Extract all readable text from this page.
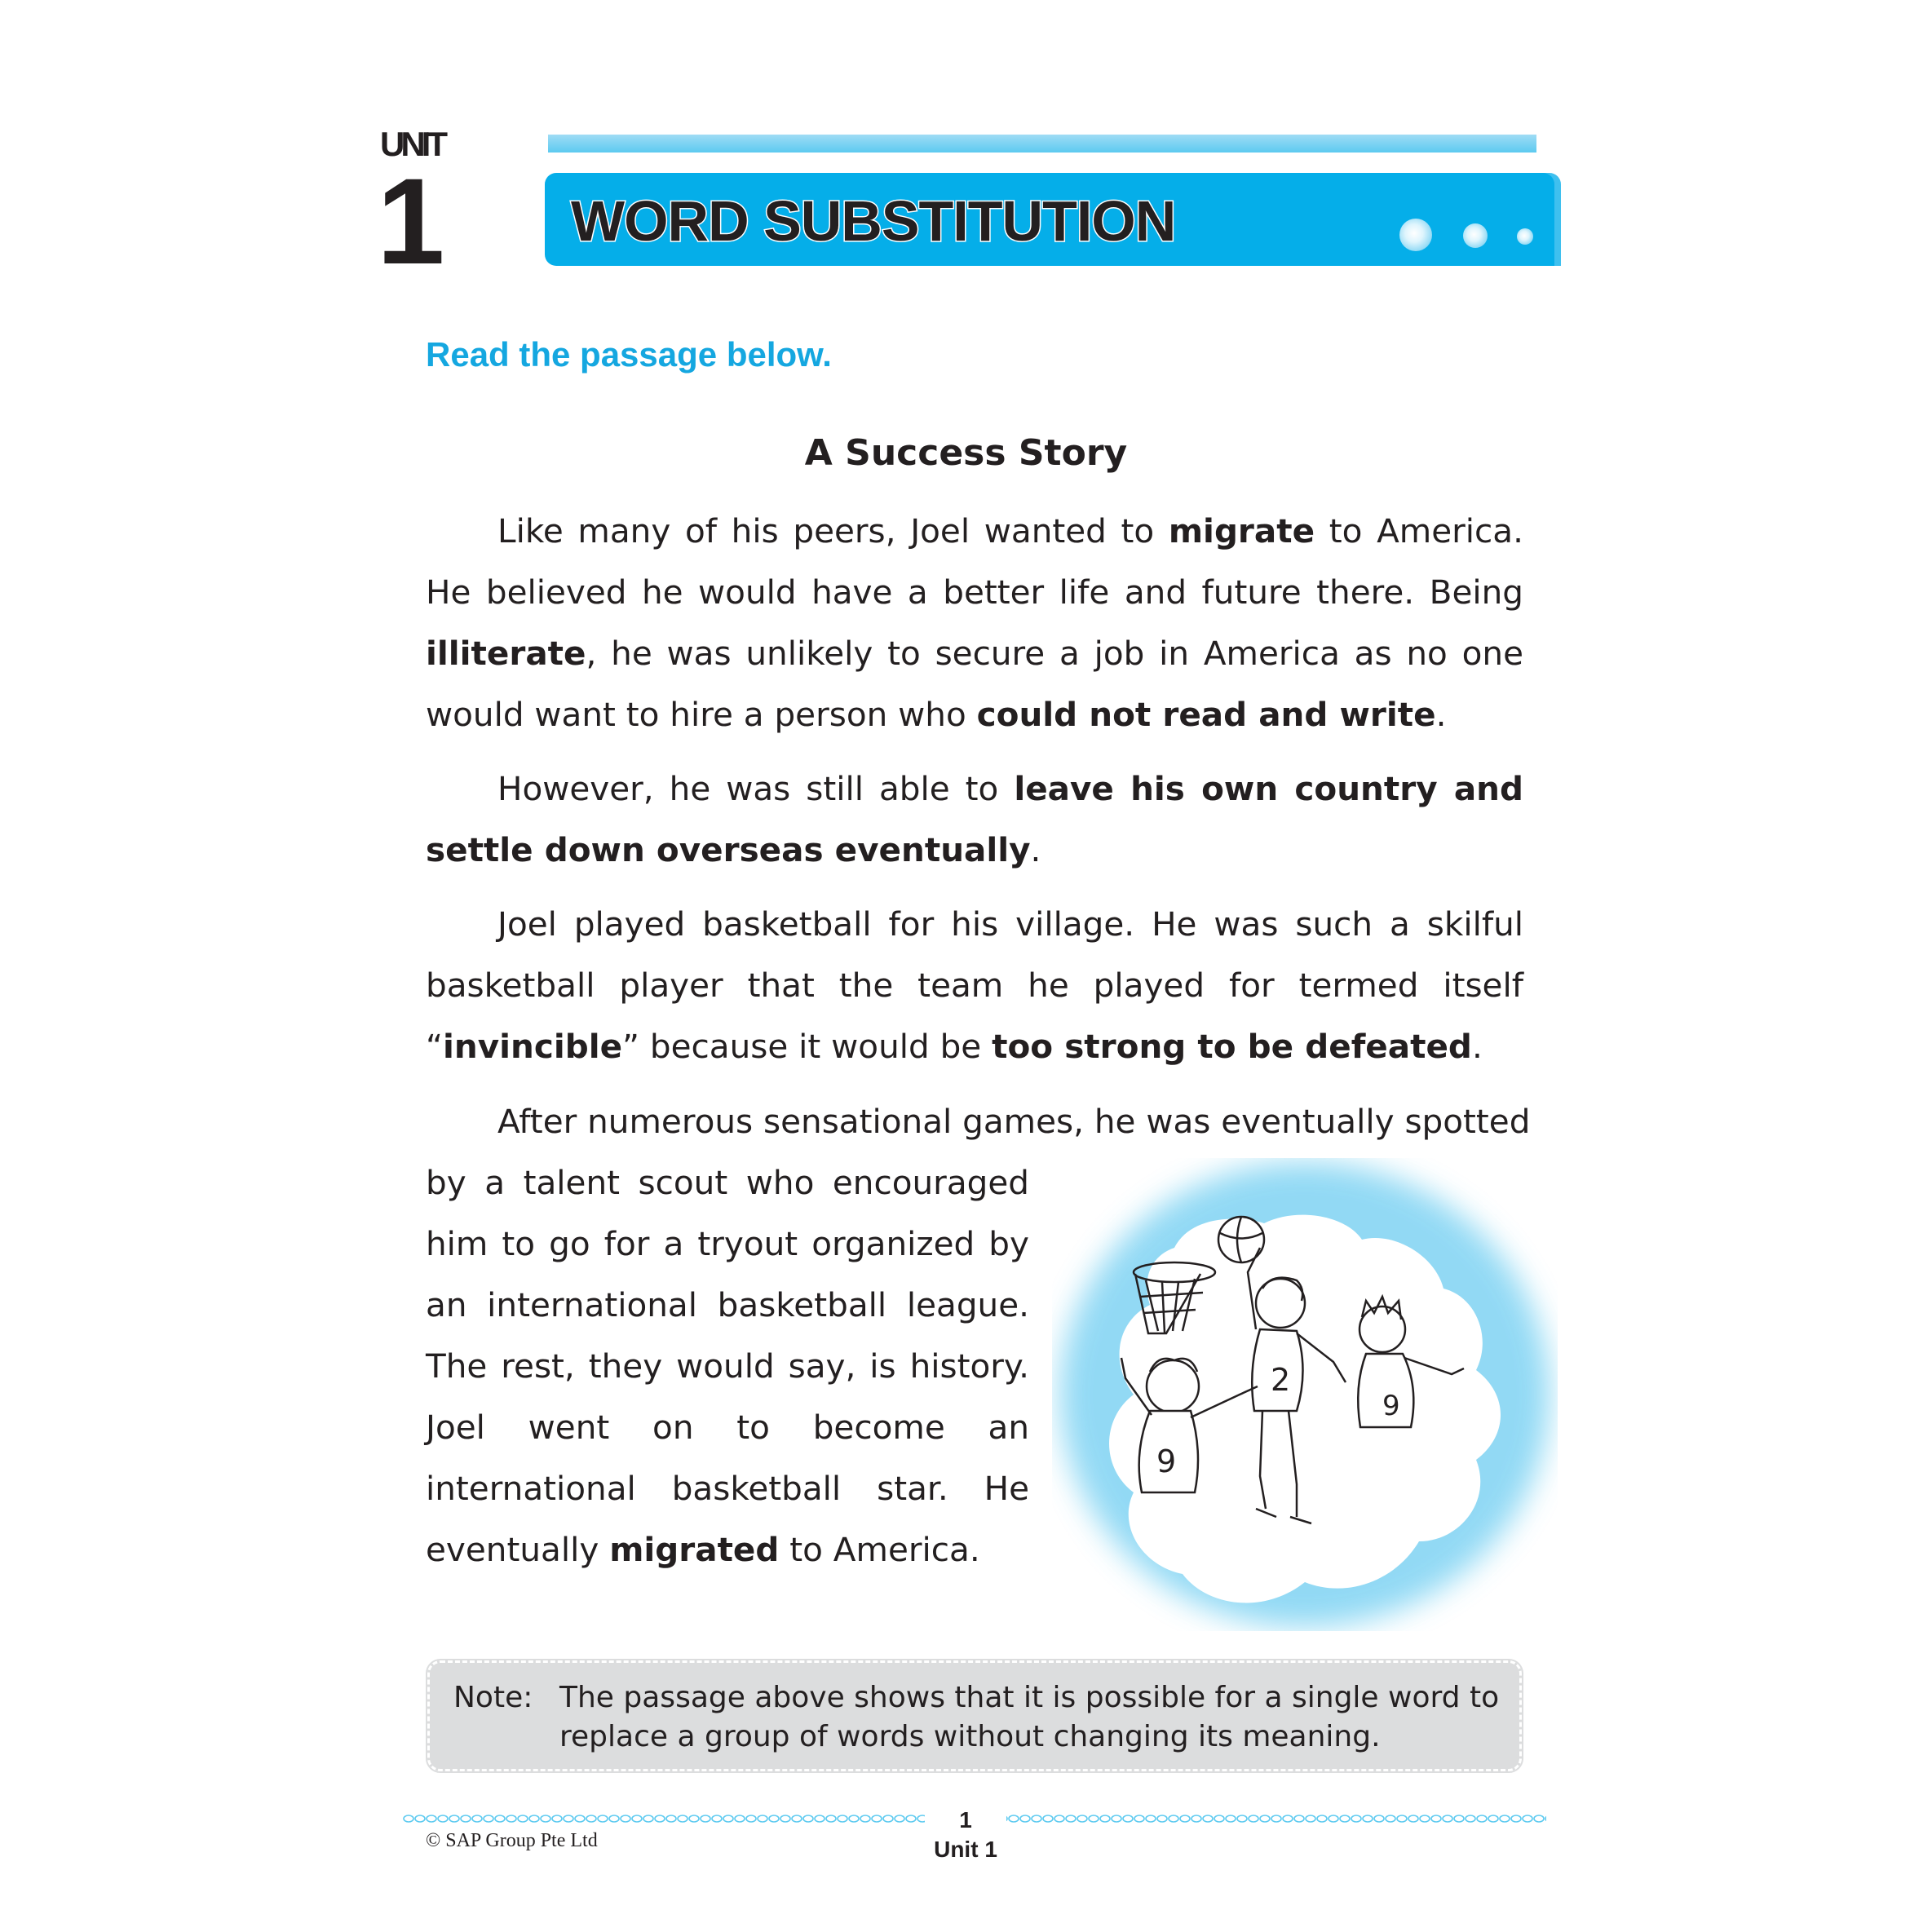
UNIT
1 WORD SUBSTITUTION
Read the passage below.
A Success Story
Like many of his peers, Joel wanted to migrate to America. He believed he would have a better life and future there. Being illiterate, he was unlikely to secure a job in America as no one would want to hire a person who could not read and write.
However, he was still able to leave his own country and settle down overseas eventually.
Joel played basketball for his village. He was such a skilful basketball player that the team he played for termed itself “invincible” because it would be too strong to be defeated.
After numerous sensational games, he was eventually spotted
by a talent scout who encouraged him to go for a tryout organized by an international basketball league. The rest, they would say, is history. Joel went on to become an international basketball star. He eventually migrated to America.
2
9
9
Note: The passage above shows that it is possible for a single word to replace a group of words without changing its meaning.
1
Unit 1
© SAP Group Pte Ltd
